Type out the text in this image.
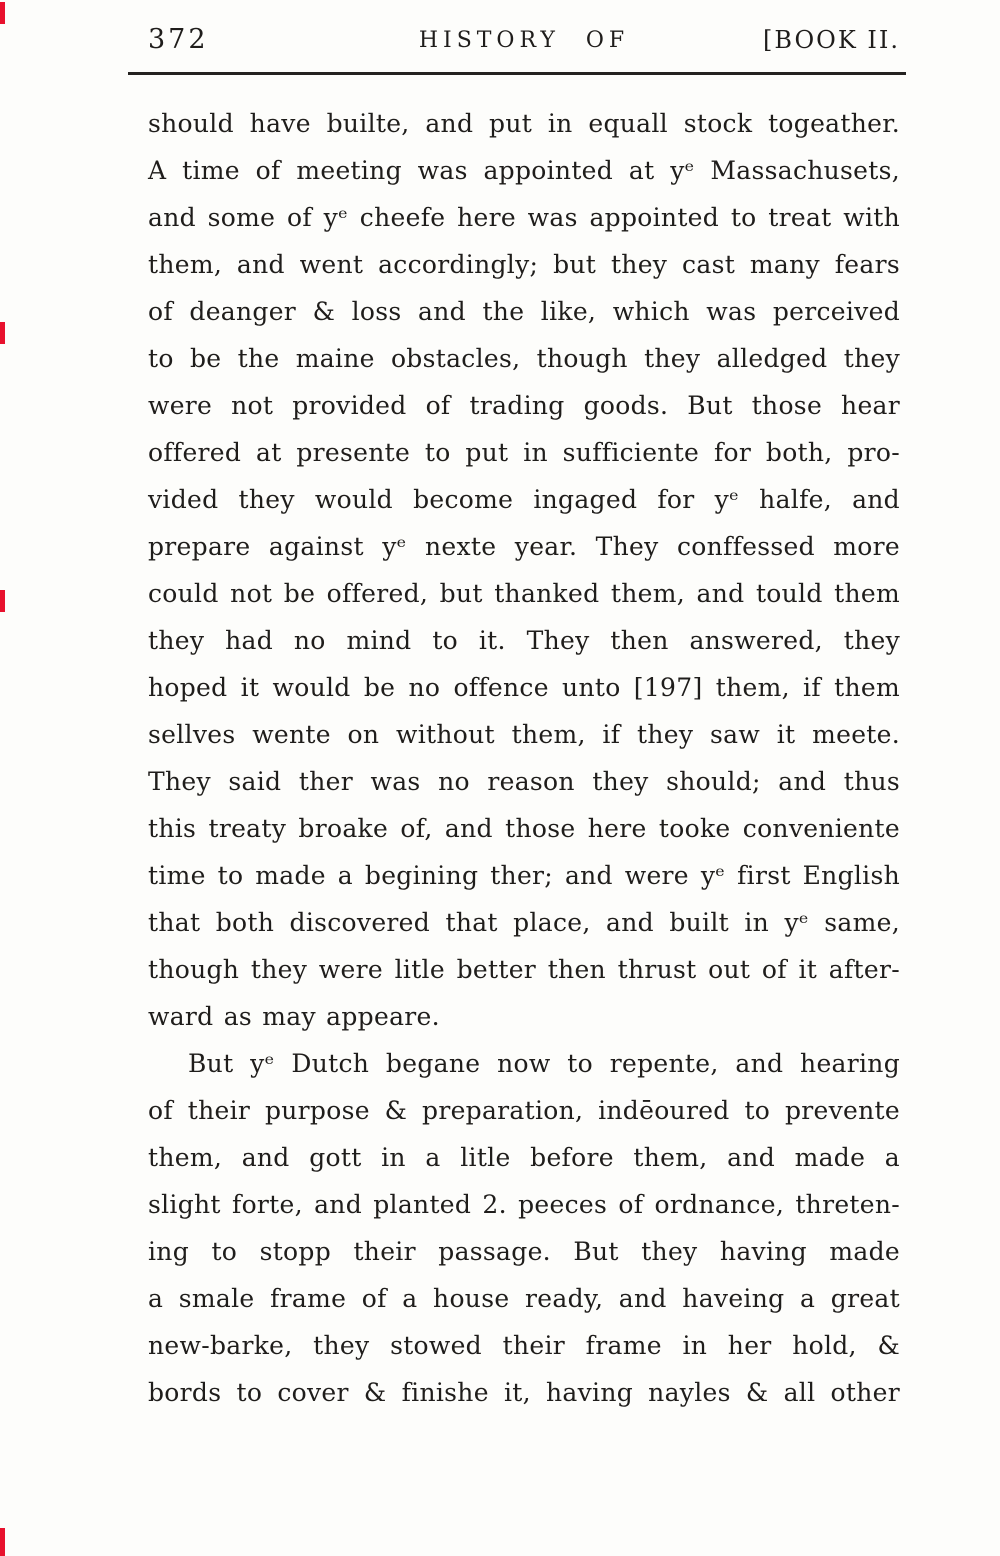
372	HISTORY OF	[BOOK II.
should have builte, and put in equall stock togeather.
A time of meeting was appointed at yᵉ Massachusets,
and some of yᵉ cheefe here was appointed to treat with
them, and went accordingly; but they cast many fears
of deanger & loss and the like, which was perceived
to be the maine obstacles, though they alledged they
were not provided of trading goods. But those hear
offered at presente to put in sufficiente for both, pro-
vided they would become ingaged for yᵉ halfe, and
prepare against yᵉ nexte year. They conffessed more
could not be offered, but thanked them, and tould them
they had no mind to it. They then answered, they
hoped it would be no offence unto [197] them, if them
sellves wente on without them, if they saw it meete.
They said ther was no reason they should; and thus
this treaty broake of, and those here tooke conveniente
time to made a begining ther; and were yᵉ first English
that both discovered that place, and built in yᵉ same,
though they were litle better then thrust out of it after-
ward as may appeare.
But yᵉ Dutch begane now to repente, and hearing
of their purpose & preparation, indēoured to prevente
them, and gott in a litle before them, and made a
slight forte, and planted 2. peeces of ordnance, threten-
ing to stopp their passage. But they having made
a smale frame of a house ready, and haveing a great
new-barke, they stowed their frame in her hold, &
bords to cover & finishe it, having nayles & all other
